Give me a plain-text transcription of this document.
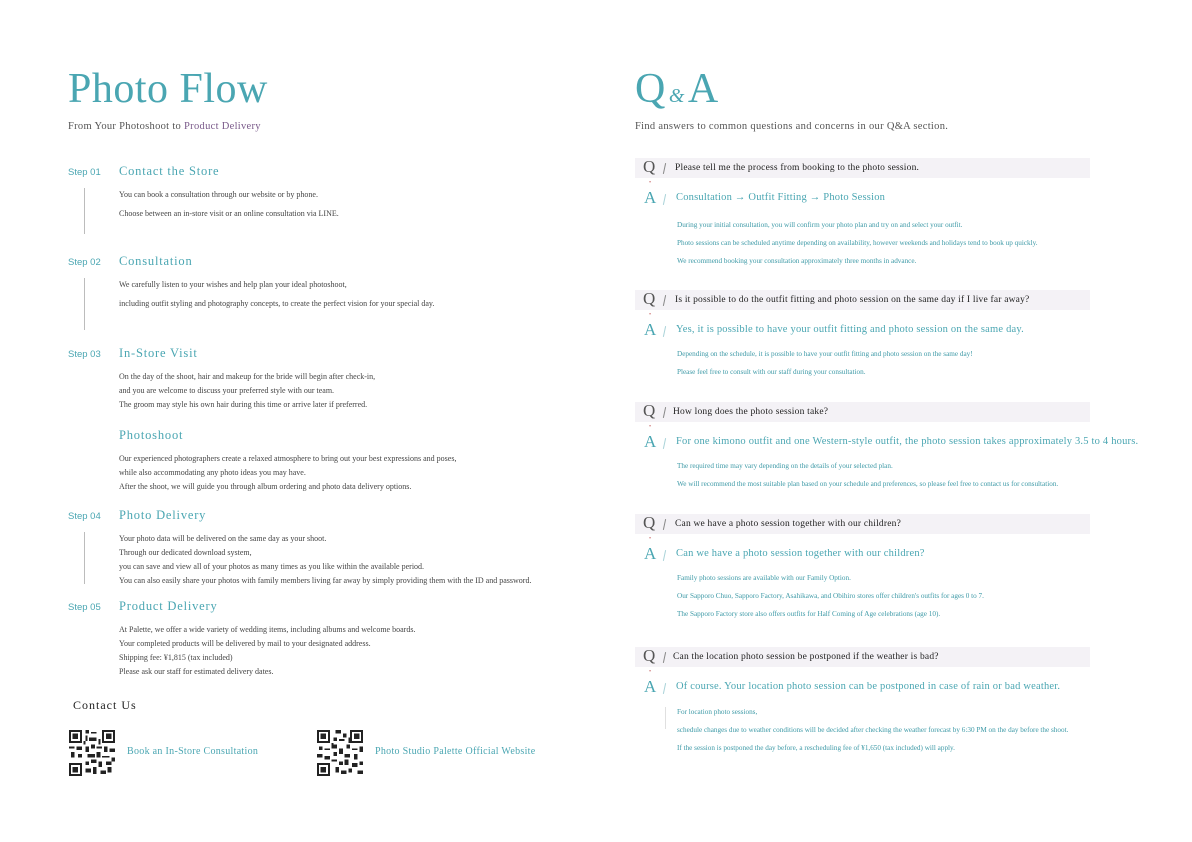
Photo Flow

From Your Photoshoot to Product Delivery

Step 01 Contact the Store
You can book a consultation through our website or by phone.
Choose between an in-store visit or an online consultation via LINE.
Step 02 Consultation
We carefully listen to your wishes and help plan your ideal photoshoot,
including outfit styling and photography concepts, to create the perfect vision for your special day.
Step 03 In-Store Visit
On the day of the shoot, hair and makeup for the bride will begin after check-in,
and you are welcome to discuss your preferred style with our team.
The groom may style his own hair during this time or arrive later if preferred.
Photoshoot
Our experienced photographers create a relaxed atmosphere to bring out your best expressions and poses,
while also accommodating any photo ideas you may have.
After the shoot, we will guide you through album ordering and photo data delivery options.
Step 04 Photo Delivery
Your photo data will be delivered on the same day as your shoot.
Through our dedicated download system,
you can save and view all of your photos as many times as you like within the available period.
You can also easily share your photos with family members living far away by simply providing them with the ID and password.
Step 05 Product Delivery
At Palette, we offer a wide variety of wedding items, including albums and welcome boards.
Your completed products will be delivered by mail to your designated address.
Shipping fee: ¥1,815 (tax included)
Please ask our staff for estimated delivery dates.
Contact Us
Book an In-Store Consultation	Photo Studio Palette Official Website
Q &A

Find answers to common questions and concerns in our Q&A section.

Q Please tell me the process from booking to the photo session.
•
A Consultation → Outfit Fitting → Photo Session
During your initial consultation, you will confirm your photo plan and try on and select your outfit.
Photo sessions can be scheduled anytime depending on availability, however weekends and holidays tend to book up quickly.
We recommend booking your consultation approximately three months in advance.
Q Is it possible to do the outfit fitting and photo session on the same day if I live far away?
•
A Yes, it is possible to have your outfit fitting and photo session on the same day.
Depending on the schedule, it is possible to have your outfit fitting and photo session on the same day!
Please feel free to consult with our staff during your consultation.
Q How long does the photo session take?
•
A For one kimono outfit and one Western-style outfit, the photo session takes approximately 3.5 to 4 hours.
The required time may vary depending on the details of your selected plan.
We will recommend the most suitable plan based on your schedule and preferences, so please feel free to contact us for consultation.
Q Can we have a photo session together with our children?
•
A Can we have a photo session together with our children?
Family photo sessions are available with our Family Option.
Our Sapporo Chuo, Sapporo Factory, Asahikawa, and Obihiro stores offer children's outfits for ages 0 to 7.
The Sapporo Factory store also offers outfits for Half Coming of Age celebrations (age 10).
Q Can the location photo session be postponed if the weather is bad?
•
A Of course. Your location photo session can be postponed in case of rain or bad weather.
For location photo sessions,
schedule changes due to weather conditions will be decided after checking the weather forecast by 6:30 PM on the day before the shoot.
If the session is postponed the day before, a rescheduling fee of ¥1,650 (tax included) will apply.
